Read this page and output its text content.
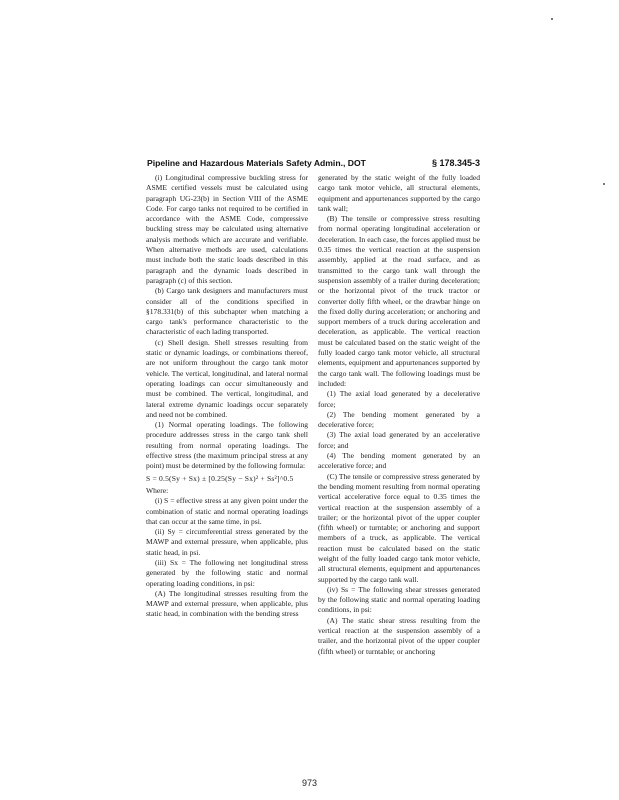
Pipeline and Hazardous Materials Safety Admin., DOT	§ 178.345-3

(i) Longitudinal compressive buckling stress for ASME certified vessels must be calculated using paragraph UG-23(b) in Section VIII of the ASME Code. For cargo tanks not required to be certified in accordance with the ASME Code, compressive buckling stress may be calculated using alternative analysis methods which are accurate and verifiable. When alternative methods are used, calculations must include both the static loads described in this paragraph and the dynamic loads described in paragraph (c) of this section.

(b) Cargo tank designers and manufacturers must consider all of the conditions specified in §178.331(b) of this subchapter when matching a cargo tank's performance characteristic to the characteristic of each lading transported.

(c) Shell design. Shell stresses resulting from static or dynamic loadings, or combinations thereof, are not uniform throughout the cargo tank motor vehicle. The vertical, longitudinal, and lateral normal operating loadings can occur simultaneously and must be combined. The vertical, longitudinal, and lateral extreme dynamic loadings occur separately and need not be combined.

(1) Normal operating loadings. The following procedure addresses stress in the cargo tank shell resulting from normal operating loadings. The effective stress (the maximum principal stress at any point) must be determined by the following formula:

S = 0.5(Sy + Sx) ± [0.25(Sy − Sx)² + Ss²]^0.5

Where:

(i) S = effective stress at any given point under the combination of static and normal operating loadings that can occur at the same time, in psi.

(ii) Sy = circumferential stress generated by the MAWP and external pressure, when applicable, plus static head, in psi.

(iii) Sx = The following net longitudinal stress generated by the following static and normal operating loading conditions, in psi:

(A) The longitudinal stresses resulting from the MAWP and external pressure, when applicable, plus static head, in combination with the bending stress

generated by the static weight of the fully loaded cargo tank motor vehicle, all structural elements, equipment and appurtenances supported by the cargo tank wall;

(B) The tensile or compressive stress resulting from normal operating longitudinal acceleration or deceleration. In each case, the forces applied must be 0.35 times the vertical reaction at the suspension assembly, applied at the road surface, and as transmitted to the cargo tank wall through the suspension assembly of a trailer during deceleration; or the horizontal pivot of the truck tractor or converter dolly fifth wheel, or the drawbar hinge on the fixed dolly during acceleration; or anchoring and support members of a truck during acceleration and deceleration, as applicable. The vertical reaction must be calculated based on the static weight of the fully loaded cargo tank motor vehicle, all structural elements, equipment and appurtenances supported by the cargo tank wall. The following loadings must be included:

(1) The axial load generated by a decelerative force;

(2) The bending moment generated by a decelerative force;

(3) The axial load generated by an accelerative force; and

(4) The bending moment generated by an accelerative force; and

(C) The tensile or compressive stress generated by the bending moment resulting from normal operating vertical accelerative force equal to 0.35 times the vertical reaction at the suspension assembly of a trailer; or the horizontal pivot of the upper coupler (fifth wheel) or turntable; or anchoring and support members of a truck, as applicable. The vertical reaction must be calculated based on the static weight of the fully loaded cargo tank motor vehicle, all structural elements, equipment and appurtenances supported by the cargo tank wall.

(iv) Ss = The following shear stresses generated by the following static and normal operating loading conditions, in psi:

(A) The static shear stress resulting from the vertical reaction at the suspension assembly of a trailer, and the horizontal pivot of the upper coupler (fifth wheel) or turntable; or anchoring

973
